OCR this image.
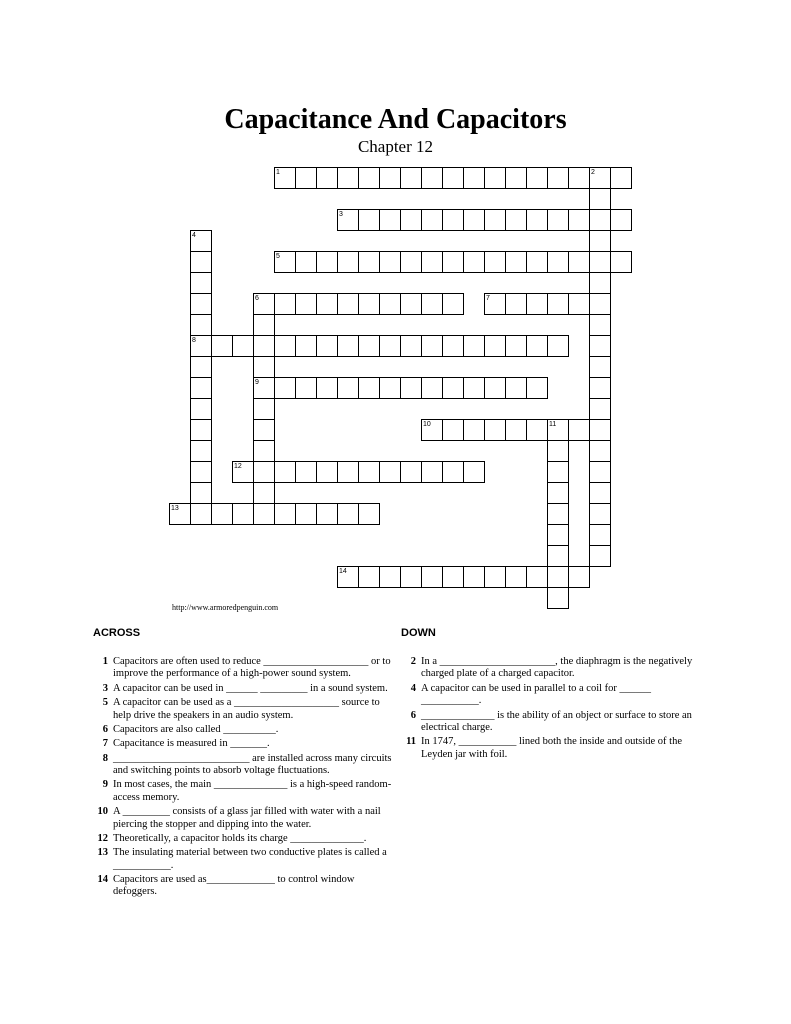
Capacitance And Capacitors
Chapter 12
1	2
3
4
5
6	7
8
9
10	11
12
13
14
http://www.armoredpenguin.com
ACROSS
1 Capacitors are often used to reduce ____________________ or to improve the performance of a high-power sound system.
3 A capacitor can be used in ______ _________ in a sound system.
5 A capacitor can be used as a ____________________ source to help drive the speakers in an audio system.
6 Capacitors are also called __________.
7 Capacitance is measured in _______.
8 __________________________ are installed across many circuits and switching points to absorb voltage fluctuations.
9 In most cases, the main ______________ is a high-speed random-access memory.
10 A _________ consists of a glass jar filled with water with a nail piercing the stopper and dipping into the water.
12 Theoretically, a capacitor holds its charge ______________.
13 The insulating material between two conductive plates is called a ___________.
14 Capacitors are used as_____________ to control window defoggers.
DOWN
2 In a ______________________, the diaphragm is the negatively charged plate of a charged capacitor.
4 A capacitor can be used in parallel to a coil for ______ ___________.
6 ______________ is the ability of an object or surface to store an electrical charge.
11 In 1747, ___________ lined both the inside and outside of the Leyden jar with foil.
